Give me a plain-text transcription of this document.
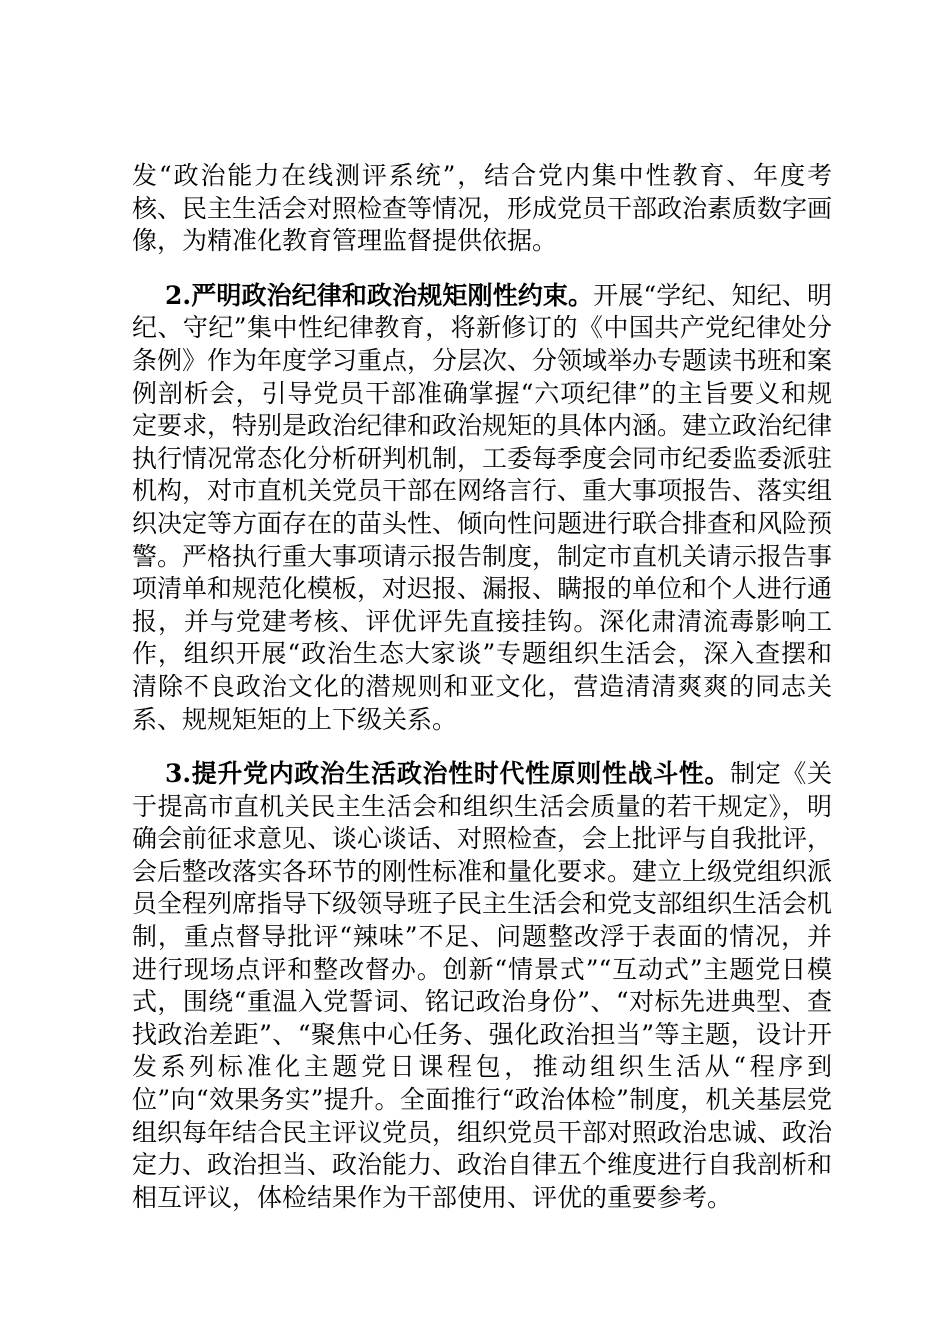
发“政治能力在线测评系统”，结合党内集中性教育、年度考核、民主生活会对照检查等情况，形成党员干部政治素质数字画像，为精准化教育管理监督提供依据。

2.严明政治纪律和政治规矩刚性约束。开展“学纪、知纪、明纪、守纪”集中性纪律教育，将新修订的《中国共产党纪律处分条例》作为年度学习重点，分层次、分领域举办专题读书班和案例剖析会，引导党员干部准确掌握“六项纪律”的主旨要义和规定要求，特别是政治纪律和政治规矩的具体内涵。建立政治纪律执行情况常态化分析研判机制，工委每季度会同市纪委监委派驻机构，对市直机关党员干部在网络言行、重大事项报告、落实组织决定等方面存在的苗头性、倾向性问题进行联合排查和风险预警。严格执行重大事项请示报告制度，制定市直机关请示报告事项清单和规范化模板，对迟报、漏报、瞒报的单位和个人进行通报，并与党建考核、评优评先直接挂钩。深化肃清流毒影响工作，组织开展“政治生态大家谈”专题组织生活会，深入查摆和清除不良政治文化的潜规则和亚文化，营造清清爽爽的同志关系、规规矩矩的上下级关系。

3.提升党内政治生活政治性时代性原则性战斗性。制定《关于提高市直机关民主生活会和组织生活会质量的若干规定》，明确会前征求意见、谈心谈话、对照检查，会上批评与自我批评，会后整改落实各环节的刚性标准和量化要求。建立上级党组织派员全程列席指导下级领导班子民主生活会和党支部组织生活会机制，重点督导批评“辣味”不足、问题整改浮于表面的情况，并进行现场点评和整改督办。创新“情景式”“互动式”主题党日模式，围绕“重温入党誓词、铭记政治身份”、“对标先进典型、查找政治差距”、“聚焦中心任务、强化政治担当”等主题，设计开发系列标准化主题党日课程包，推动组织生活从“程序到位”向“效果务实”提升。全面推行“政治体检”制度，机关基层党组织每年结合民主评议党员，组织党员干部对照政治忠诚、政治定力、政治担当、政治能力、政治自律五个维度进行自我剖析和相互评议，体检结果作为干部使用、评优的重要参考。
